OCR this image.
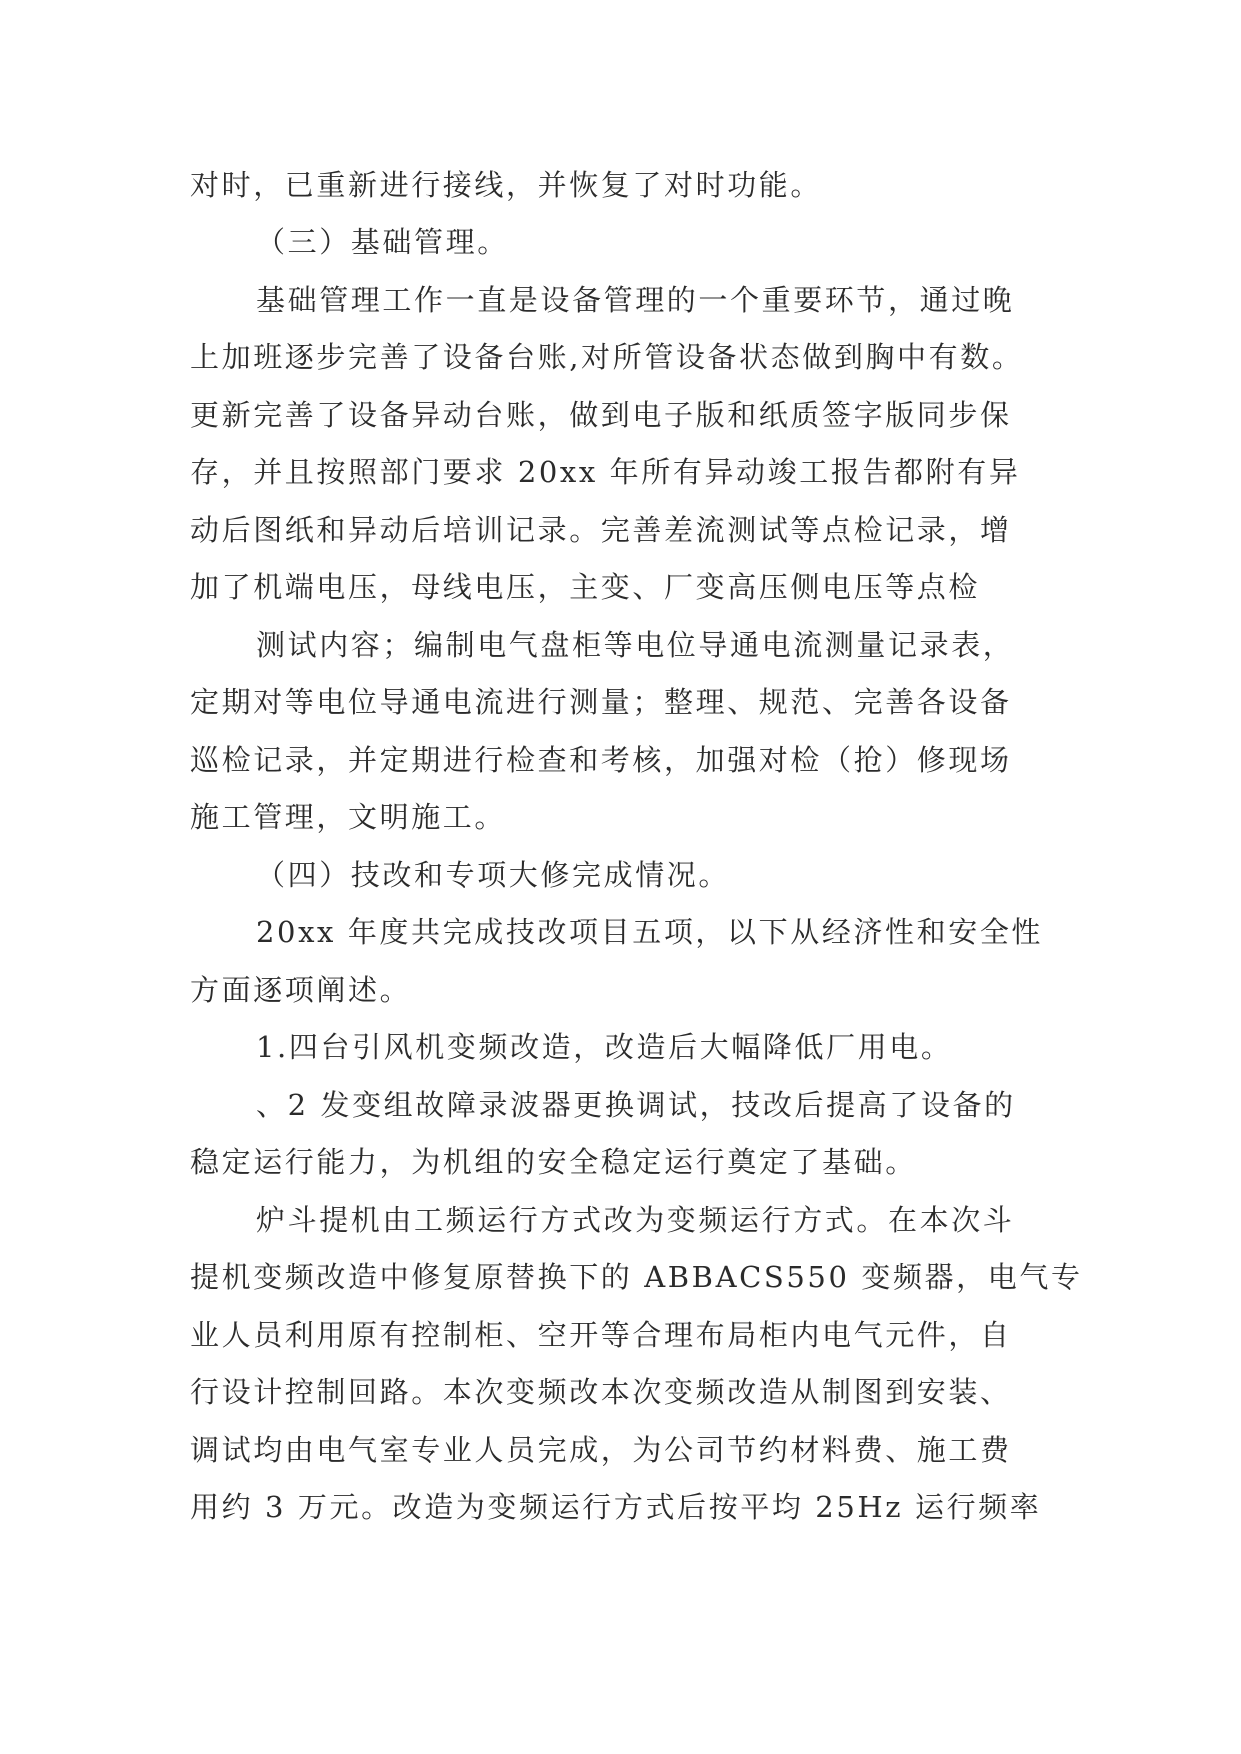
对时，已重新进行接线，并恢复了对时功能。
（三）基础管理。
基础管理工作一直是设备管理的一个重要环节，通过晚
上加班逐步完善了设备台账,对所管设备状态做到胸中有数。
更新完善了设备异动台账，做到电子版和纸质签字版同步保
存，并且按照部门要求 20xx 年所有异动竣工报告都附有异
动后图纸和异动后培训记录。完善差流测试等点检记录，增
加了机端电压，母线电压，主变、厂变高压侧电压等点检
测试内容；编制电气盘柜等电位导通电流测量记录表，
定期对等电位导通电流进行测量；整理、规范、完善各设备
巡检记录，并定期进行检查和考核，加强对检（抢）修现场
施工管理，文明施工。
（四）技改和专项大修完成情况。
20xx 年度共完成技改项目五项，以下从经济性和安全性
方面逐项阐述。
1.四台引风机变频改造，改造后大幅降低厂用电。
、2 发变组故障录波器更换调试，技改后提高了设备的
稳定运行能力，为机组的安全稳定运行奠定了基础。
炉斗提机由工频运行方式改为变频运行方式。在本次斗
提机变频改造中修复原替换下的 ABBACS550 变频器，电气专
业人员利用原有控制柜、空开等合理布局柜内电气元件，自
行设计控制回路。本次变频改本次变频改造从制图到安装、
调试均由电气室专业人员完成，为公司节约材料费、施工费
用约 3 万元。改造为变频运行方式后按平均 25Hz 运行频率
